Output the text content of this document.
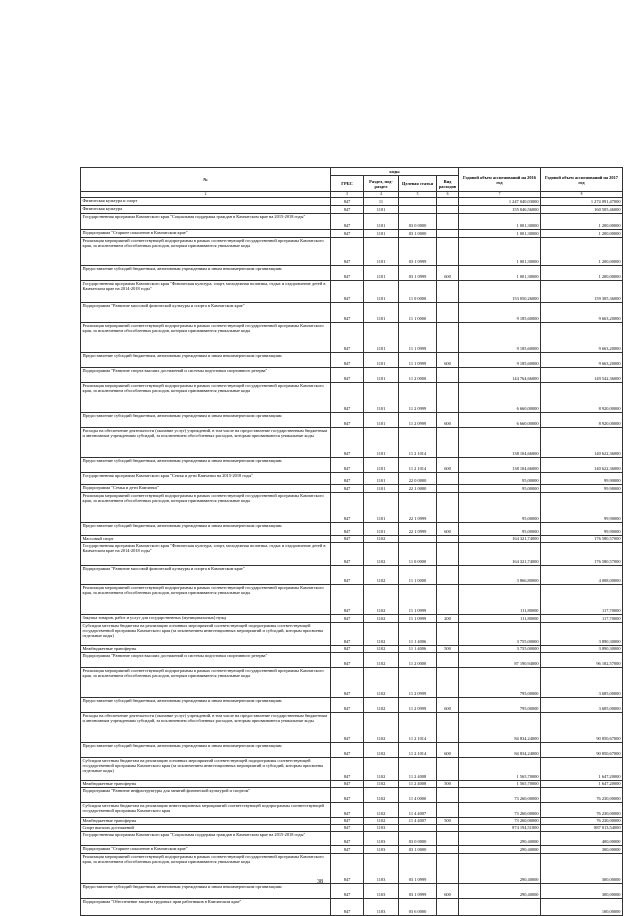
№	коды				Годовой объем ассигнований на 2016 год	Годовой объем ассигнований на 2017 год
	ГРБС	Раздел, под-раздел	Целевая статья	Вид расходов		
2	3	4	5	6	7	8
Физическая культура и спорт	847	11			1 247 040,03000	1 274 091,47000
Физическая культура	847	1101			155 046,56000	160 505,46000
Государственная программа Камчатского края "Социальная поддержка граждан в Камчатском крае на 2015-2018 годы"	847	1101	03 0 0000		1 001,30000	1 200,00000
Подпрограмма "Старшее поколение в Камчатском крае"	847	1101	03 1 0000		1 001,30000	1 200,00000
Реализация мероприятий соответствующей подпрограммы в рамках соответствующей государственной программы Камчатского края, за исключением обособленных расходов, которым присваиваются уникальные коды	847	1101	03 1 0999		1 001,30000	1 200,00000
Предоставление субсидий бюджетным, автономным учреждениям и иным некоммерческим организациям	847	1101	03 1 0999	600	1 001,30000	1 200,00000
Государственная программа Камчатского края "Физическая культура, спорт, молодежная политика, отдых и оздоровление детей в Камчатском крае на 2014-2018 годы"	847	1101	11 0 0000		153 050,26000	159 305,36000
Подпрограмма "Развитие массовой физической культуры и спорта в Камчатском крае"	847	1101	11 1 0000		9 185,60000	9 663,20000
Реализация мероприятий соответствующей подпрограммы в рамках соответствующей государственной программы Камчатского края, за исключением обособленных расходов, которым присваиваются уникальные коды	847	1101	11 1 0999		9 185,60000	9 663,20000
Предоставление субсидий бюджетным, автономным учреждениям и иным некоммерческим организациям	847	1101	11 1 0999	600	9 185,60000	9 663,20000
Подпрограмма "Развитие спорта высших достижений и системы подготовки спортивного резерва"	847	1101	11 2 0000		144 764,66000	149 542,36000
Реализация мероприятий соответствующей подпрограммы в рамках соответствующей государственной программы Камчатского края, за исключением обособленных расходов, которым присваиваются уникальные коды	847	1101	11 2 0999		6 660,00000	8 920,00000
Предоставление субсидий бюджетным, автономным учреждениям и иным некоммерческим организациям	847	1101	11 2 0999	600	6 660,00000	8 920,00000
Расходы на обеспечение деятельности (оказание услуг) учреждений, в том числе на предоставление государственным бюджетным и автономным учреждениям субсидий, за исключением обособленных расходов, которым присваиваются уникальные коды	847	1101	11 2 1014		138 104,66000	140 622,36000
Предоставление субсидий бюджетным, автономным учреждениям и иным некоммерческим организациям	847	1101	11 2 1014	600	138 104,66000	140 622,36000
Государственная программа Камчатского края "Семья и дети Камчатки на 2015-2018 годы"	847	1101	22 0 0000		95,00000	99,90000
Подпрограмма "Семья и дети Камчатки"	847	1101	22 1 0000		95,00000	99,90000
Реализация мероприятий соответствующей подпрограммы в рамках соответствующей государственной программы Камчатского края, за исключением обособленных расходов, которым присваиваются уникальные коды	847	1101	22 1 0999		95,00000	99,90000
Предоставление субсидий бюджетным, автономным учреждениям и иным некоммерческим организациям	847	1101	22 1 0999	600	95,00000	99,90000
Массовый спорт	847	1102			164 321,74000	176 580,57000
Государственная программа Камчатского края "Физическая культура, спорт, молодежная политика, отдых и оздоровление детей в Камчатском крае на 2014-2018 годы"	847	1102	11 0 0000		164 321,74000	176 580,57000
Подпрограмма "Развитие массовой физической культуры и спорта в Камчатском крае"	847	1102	11 1 0000		3 866,80000	4 008,00000
Реализация мероприятий соответствующей подпрограммы в рамках соответствующей государственной программы Камчатского края, за исключением обособленных расходов, которым присваиваются уникальные коды	847	1102	11 1 0999		111,80000	117,70000
Закупка товаров, работ и услуг для государственных (муниципальных) нужд	847	1102	11 1 0999	200	111,80000	117,70000
Субсидии местным бюджетам на реализацию основных мероприятий соответствующей подпрограммы соответствующей государственной программы Камчатского края (за исключением инвестиционных мероприятий и субсидий, которым присвоены отдельные коды)	847	1102	11 1 4006		3 755,00000	3 890,30000
Межбюджетные трансферты	847	1102	11 1 4006	500	3 755,00000	3 890,30000
Подпрограмма "Развитие спорта высших достижений и системы подготовки спортивного резерва"	847	1102	11 2 0000		87 190,94000	96 182,57000
Реализация мероприятий соответствующей подпрограммы в рамках соответствующей государственной программы Камчатского края, за исключением обособленных расходов, которым присваиваются уникальные коды	847	1102	11 2 0999		795,00000	3 685,00000
Предоставление субсидий бюджетным, автономным учреждениям и иным некоммерческим организациям	847	1102	11 2 0999	600	795,00000	3 685,00000
Расходы на обеспечение деятельности (оказание услуг) учреждений, в том числе на предоставление государственным бюджетным и автономным учреждениям субсидий, за исключением обособленных расходов, которым присваиваются уникальные коды	847	1102	11 2 1014		84 834,24000	90 850,67000
Предоставление субсидий бюджетным, автономным учреждениям и иным некоммерческим организациям	847	1102	11 2 1014	600	84 834,24000	90 850,67000
Субсидии местным бюджетам на реализацию основных мероприятий соответствующей подпрограммы соответствующей государственной программы Камчатского края (за исключением инвестиционных мероприятий и субсидий, которым присвоены отдельные коды)	847	1102	11 2 4008		1 565,70000	1 647,20000
Межбюджетные трансферты	847	1102	11 2 4008	500	1 565,70000	1 647,20000
Подпрограмма "Развитие инфраструктуры для занятий физической культурой и спортом"	847	1102	11 4 0000		73 260,00000	76 230,00000
Субсидии местным бюджетам на реализацию инвестиционных мероприятий соответствующей подпрограммы соответствующей государственной программы Камчатского края	847	1102	11 4 4007		73 260,00000	76 230,00000
Межбюджетные трансферты	847	1102	11 4 4007	500	73 260,00000	76 230,00000
Спорт высших достижений	847	1103			874 194,51000	887 013,54000
Государственная программа Камчатского края "Социальная поддержка граждан в Камчатском крае на 2015-2018 годы"	847	1103	03 0 0000		290,40000	400,00000
Подпрограмма "Старшее поколение в Камчатском крае"	847	1103	03 1 0000		290,40000	300,00000
Реализация мероприятий соответствующей подпрограммы в рамках соответствующей государственной программы Камчатского края, за исключением обособленных расходов, которым присваиваются уникальные коды	847	1103	03 1 0999		290,40000	300,00000
Предоставление субсидий бюджетным, автономным учреждениям и иным некоммерческим организациям	847	1103	03 1 0999	600	290,40000	300,00000
Подпрограмма "Обеспечение защиты трудовых прав работников в Камчатском крае"	847	1103	03 6 0000			100,00000
38
